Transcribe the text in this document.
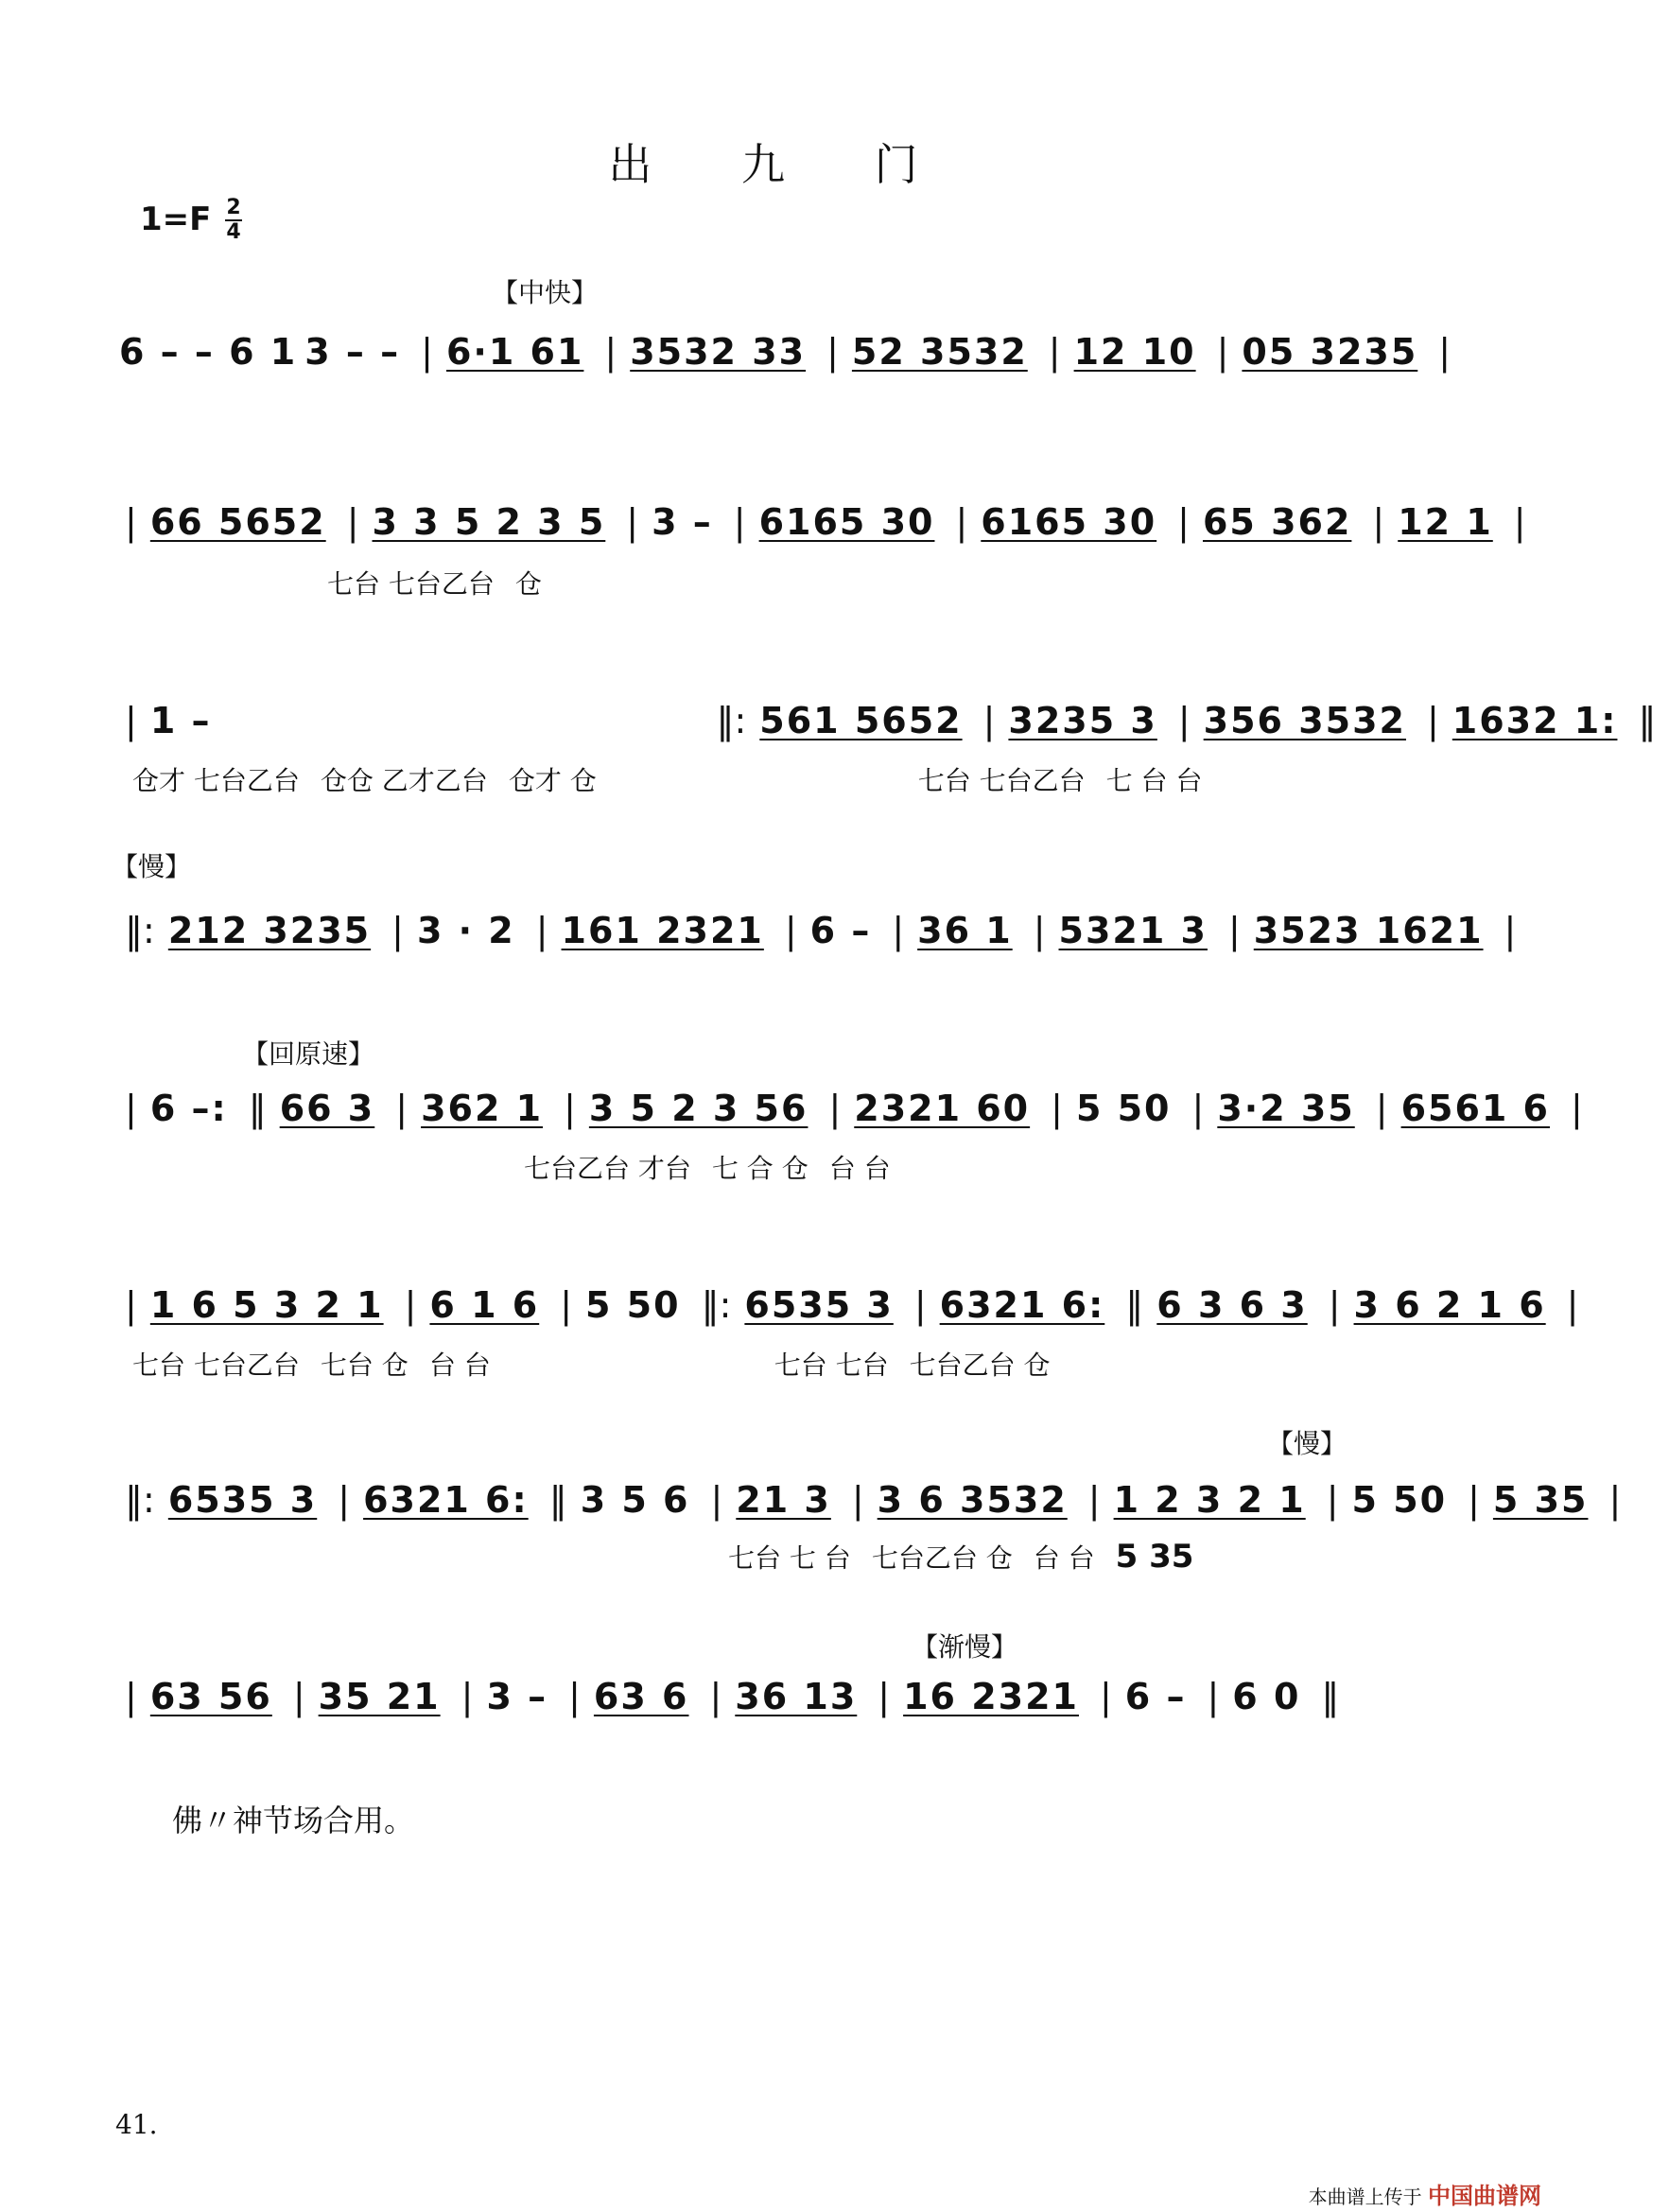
出 九 门
1=F 2
4
【中快】
【慢】
【回原速】
【慢】
【渐慢】
6 – – 6 1 3 – – | 6·1 61 | 3532 33 | 52 3532 | 12 10 | 05 3235 |
| 66 5652 | 3 3 5 2 3 5 | 3 – | 6165 30 | 6165 30 | 65 362 | 12 1 |
七台 七台乙台 仓
| 1 –	‖: 561 5652 | 3235 3 | 356 3532 | 1632 1: ‖
仓才 七台乙台 仓仓 乙才乙台 仓才 仓	七台 七台乙台 七 台 台
‖: 212 3235 | 3 · 2 | 161 2321 | 6 – | 36 1 | 5321 3 | 3523 1621 |
| 6 –: ‖ 66 3 | 362 1 | 3 5 2 3 56 | 2321 60 | 5 50 | 3·2 35 | 6561 6 |
七台乙台 才台 七 合 仓 台 台
| 1 6 5 3 2 1 | 6 1 6 | 5 50 ‖: 6535 3 | 6321 6: ‖ 6 3 6 3 | 3 6 2 1 6 |
七台 七台乙台 七台 仓 台 台	七台 七台 七台乙台 仓
‖: 6535 3 | 6321 6: ‖ 3 5 6 | 21 3 | 3 6 3532 | 1 2 3 2 1 | 5 50 | 5 35 |
七台 七 台 七台乙台 仓 台 台 5 35
| 63 56 | 35 21 | 3 – | 63 6 | 36 13 | 16 2321 | 6 – | 6 0 ‖
佛〃神节场合用。
41.
本曲谱上传于 中国曲谱网
